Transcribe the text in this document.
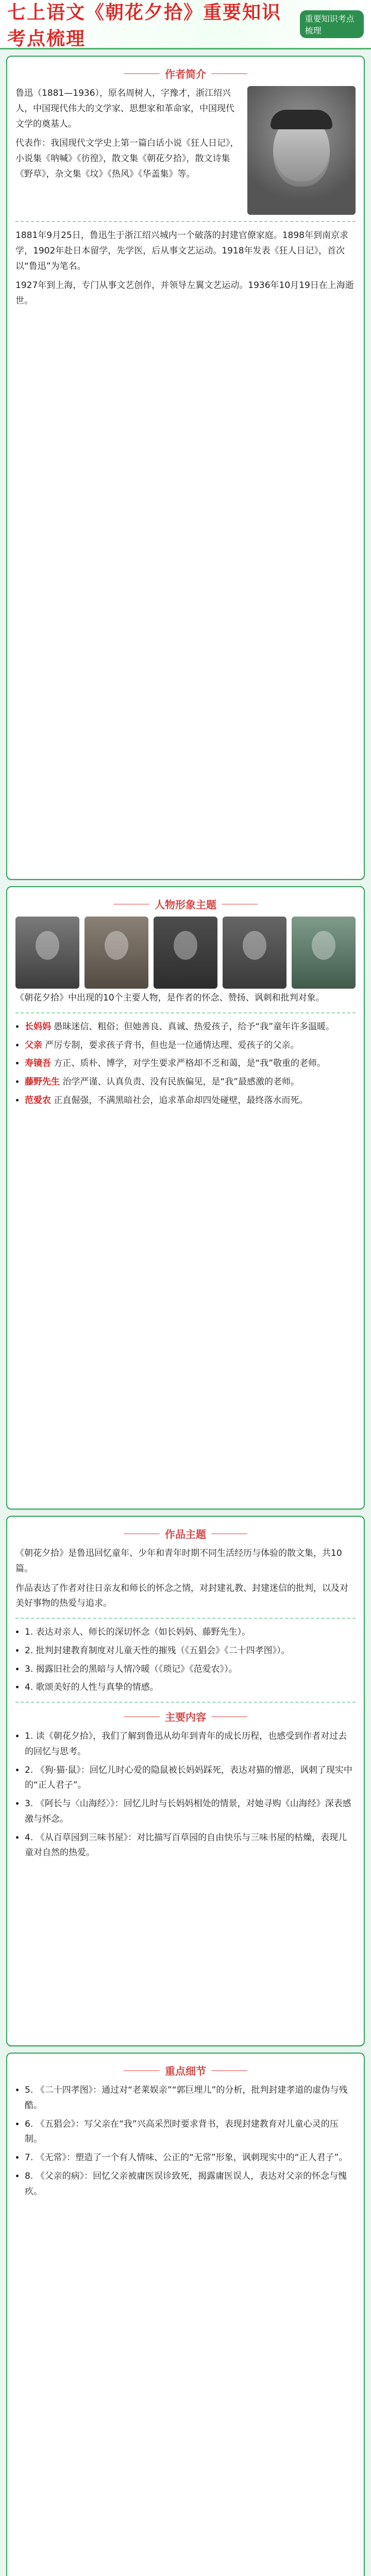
七上语文《朝花夕拾》重要知识考点梳理
重要知识考点梳理
作者简介

鲁迅（1881—1936），原名周树人，字豫才，浙江绍兴人，中国现代伟大的文学家、思想家和革命家，中国现代文学的奠基人。

代表作：我国现代文学史上第一篇白话小说《狂人日记》，小说集《呐喊》《彷徨》，散文集《朝花夕拾》，散文诗集《野草》，杂文集《坟》《热风》《华盖集》等。

1881年9月25日，鲁迅生于浙江绍兴城内一个破落的封建官僚家庭。1898年到南京求学，1902年赴日本留学，先学医，后从事文艺运动。1918年发表《狂人日记》，首次以“鲁迅”为笔名。

1927年到上海，专门从事文艺创作，并领导左翼文艺运动。1936年10月19日在上海逝世。

人物形象主题

《朝花夕拾》中出现的10个主要人物，是作者的怀念、赞扬、讽刺和批判对象。

• 长妈妈 愚昧迷信、粗俗；但她善良、真诚、热爱孩子，给予“我”童年许多温暖。
• 父亲 严厉专制，要求孩子背书，但也是一位通情达理、爱孩子的父亲。
• 寿镜吾 方正、质朴、博学，对学生要求严格却不乏和蔼，是“我”敬重的老师。
• 藤野先生 治学严谨、认真负责、没有民族偏见，是“我”最感激的老师。
• 范爱农 正直倔强，不满黑暗社会，追求革命却四处碰壁，最终落水而死。
作品主题

《朝花夕拾》是鲁迅回忆童年、少年和青年时期不同生活经历与体验的散文集，共10篇。

作品表达了作者对往日亲友和师长的怀念之情，对封建礼教、封建迷信的批判，以及对美好事物的热爱与追求。

• 1. 表达对亲人、师长的深切怀念（如长妈妈、藤野先生）。
• 2. 批判封建教育制度对儿童天性的摧残（《五猖会》《二十四孝图》）。
• 3. 揭露旧社会的黑暗与人情冷暖（《琐记》《范爱农》）。
• 4. 歌颂美好的人性与真挚的情感。
主要内容
• 1. 读《朝花夕拾》，我们了解到鲁迅从幼年到青年的成长历程，也感受到作者对过去的回忆与思考。
• 2. 《狗·猫·鼠》：回忆儿时心爱的隐鼠被长妈妈踩死，表达对猫的憎恶，讽刺了现实中的“正人君子”。
• 3. 《阿长与〈山海经〉》：回忆儿时与长妈妈相处的情景，对她寻购《山海经》深表感激与怀念。
• 4. 《从百草园到三味书屋》：对比描写百草园的自由快乐与三味书屋的枯燥，表现儿童对自然的热爱。
重点细节
• 5. 《二十四孝图》：通过对“老莱娱亲”“郭巨埋儿”的分析，批判封建孝道的虚伪与残酷。
• 6. 《五猖会》：写父亲在“我”兴高采烈时要求背书，表现封建教育对儿童心灵的压制。
• 7. 《无常》：塑造了一个有人情味、公正的“无常”形象，讽刺现实中的“正人君子”。
• 8. 《父亲的病》：回忆父亲被庸医误诊致死，揭露庸医误人，表达对父亲的怀念与愧疚。
